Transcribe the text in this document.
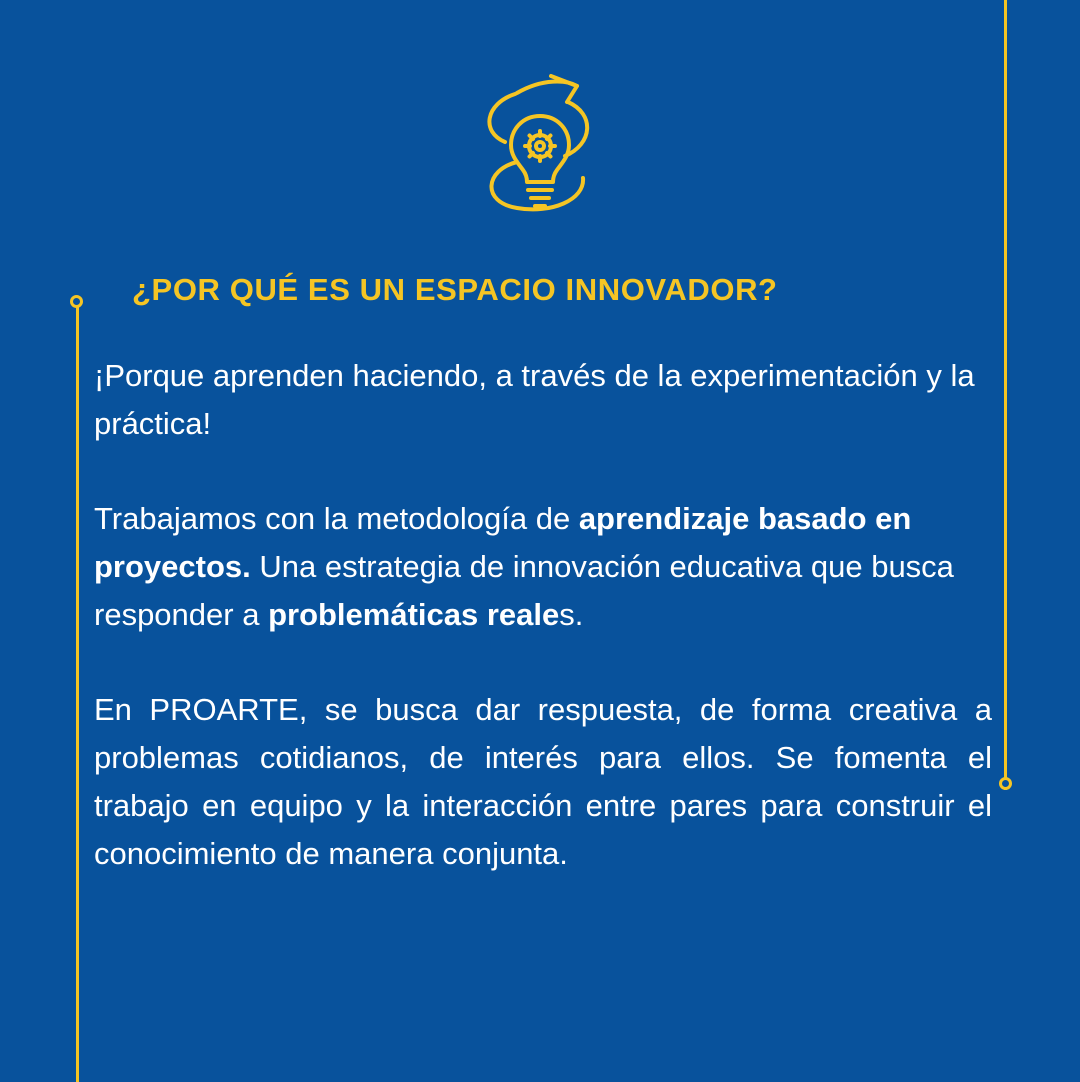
¿POR QUÉ ES UN ESPACIO INNOVADOR?
¡Porque aprenden haciendo, a través de la experimentación y la práctica!
Trabajamos con la metodología de aprendizaje basado en proyectos. Una estrategia de innovación educativa que busca responder a problemáticas reales.
En PROARTE, se busca dar respuesta, de forma creativa a problemas cotidianos, de interés para ellos. Se fomenta el trabajo en equipo y la interacción entre pares para construir el conocimiento de manera conjunta.
